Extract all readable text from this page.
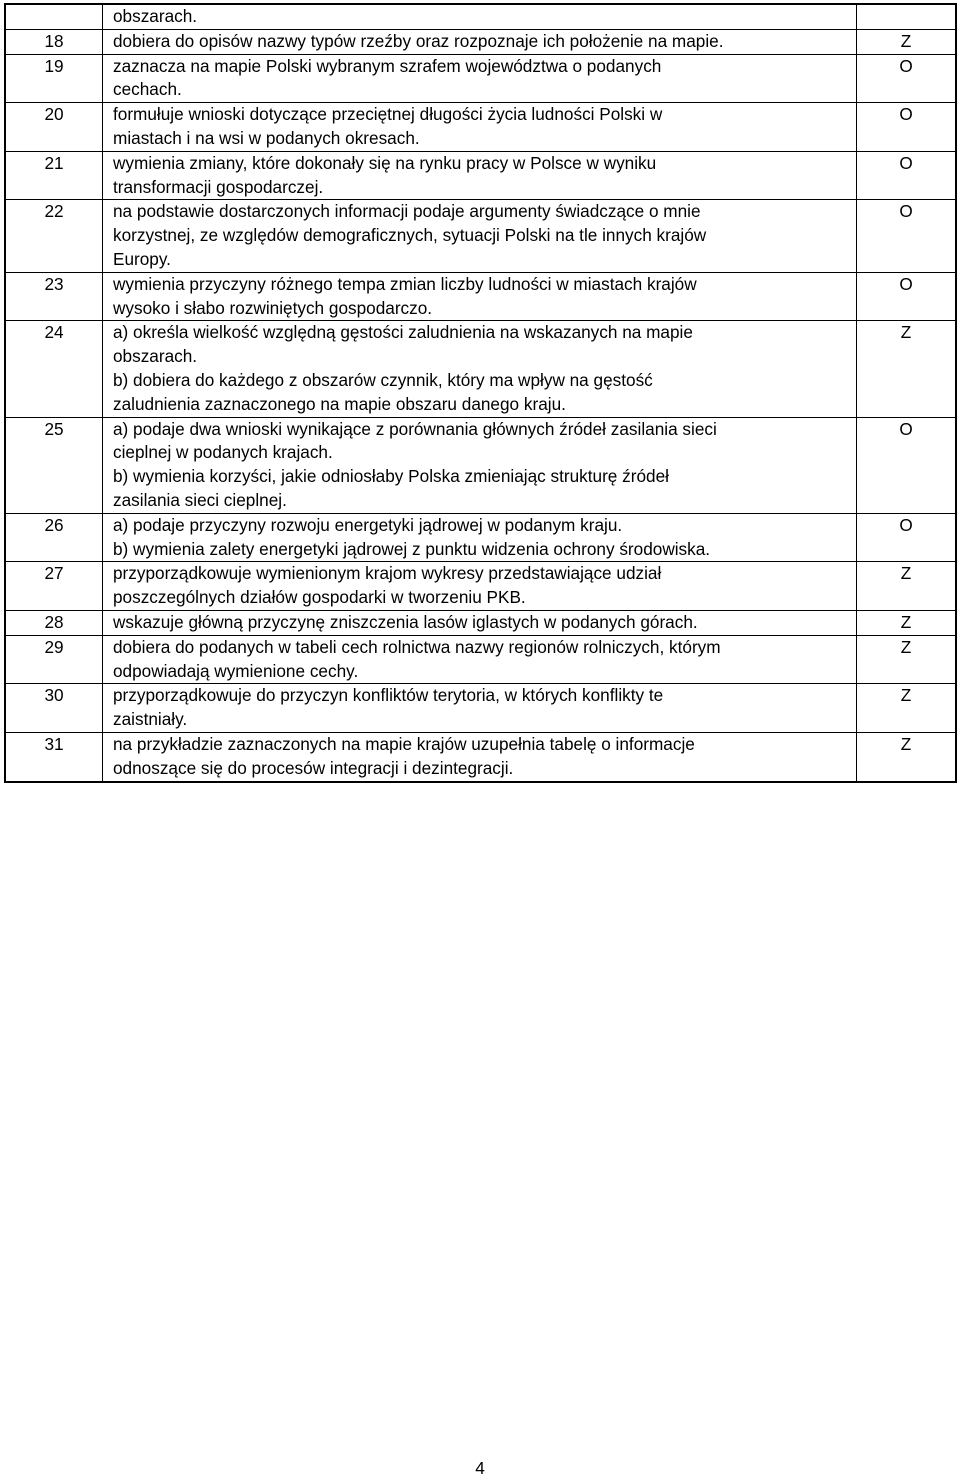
	obszarach.	

18	dobiera do opisów nazwy typów rzeźby oraz rozpoznaje ich położenie na mapie.	Z
19	zaznacza na mapie Polski wybranym szrafem województwa o podanych
cechach.	O
20	formułuje wnioski dotyczące przeciętnej długości życia ludności Polski w
miastach i na wsi w podanych okresach.	O
21	wymienia zmiany, które dokonały się na rynku pracy w Polsce w wyniku
transformacji gospodarczej.	O
22	na podstawie dostarczonych informacji podaje argumenty świadczące o mnie
korzystnej, ze względów demograficznych, sytuacji Polski na tle innych krajów
Europy.	O
23	wymienia przyczyny różnego tempa zmian liczby ludności w miastach krajów
wysoko i słabo rozwiniętych gospodarczo.	O
24	a) określa wielkość względną gęstości zaludnienia na wskazanych na mapie
obszarach.
b) dobiera do każdego z obszarów czynnik, który ma wpływ na gęstość
zaludnienia zaznaczonego na mapie obszaru danego kraju.	Z
25	a) podaje dwa wnioski wynikające z porównania głównych źródeł zasilania sieci
cieplnej w podanych krajach.
b) wymienia korzyści, jakie odniosłaby Polska zmieniając strukturę źródeł
zasilania sieci cieplnej.	O
26	a) podaje przyczyny rozwoju energetyki jądrowej w podanym kraju.
b) wymienia zalety energetyki jądrowej z punktu widzenia ochrony środowiska.	O
27	przyporządkowuje wymienionym krajom wykresy przedstawiające udział
poszczególnych działów gospodarki w tworzeniu PKB.	Z
28	wskazuje główną przyczynę zniszczenia lasów iglastych w podanych górach.	Z
29	dobiera do podanych w tabeli cech rolnictwa nazwy regionów rolniczych, którym
odpowiadają wymienione cechy.	Z
30	przyporządkowuje do przyczyn konfliktów terytoria, w których konflikty te
zaistniały.	Z
31	na przykładzie zaznaczonych na mapie krajów uzupełnia tabelę o informacje
odnoszące się do procesów integracji i dezintegracji.	Z
4
